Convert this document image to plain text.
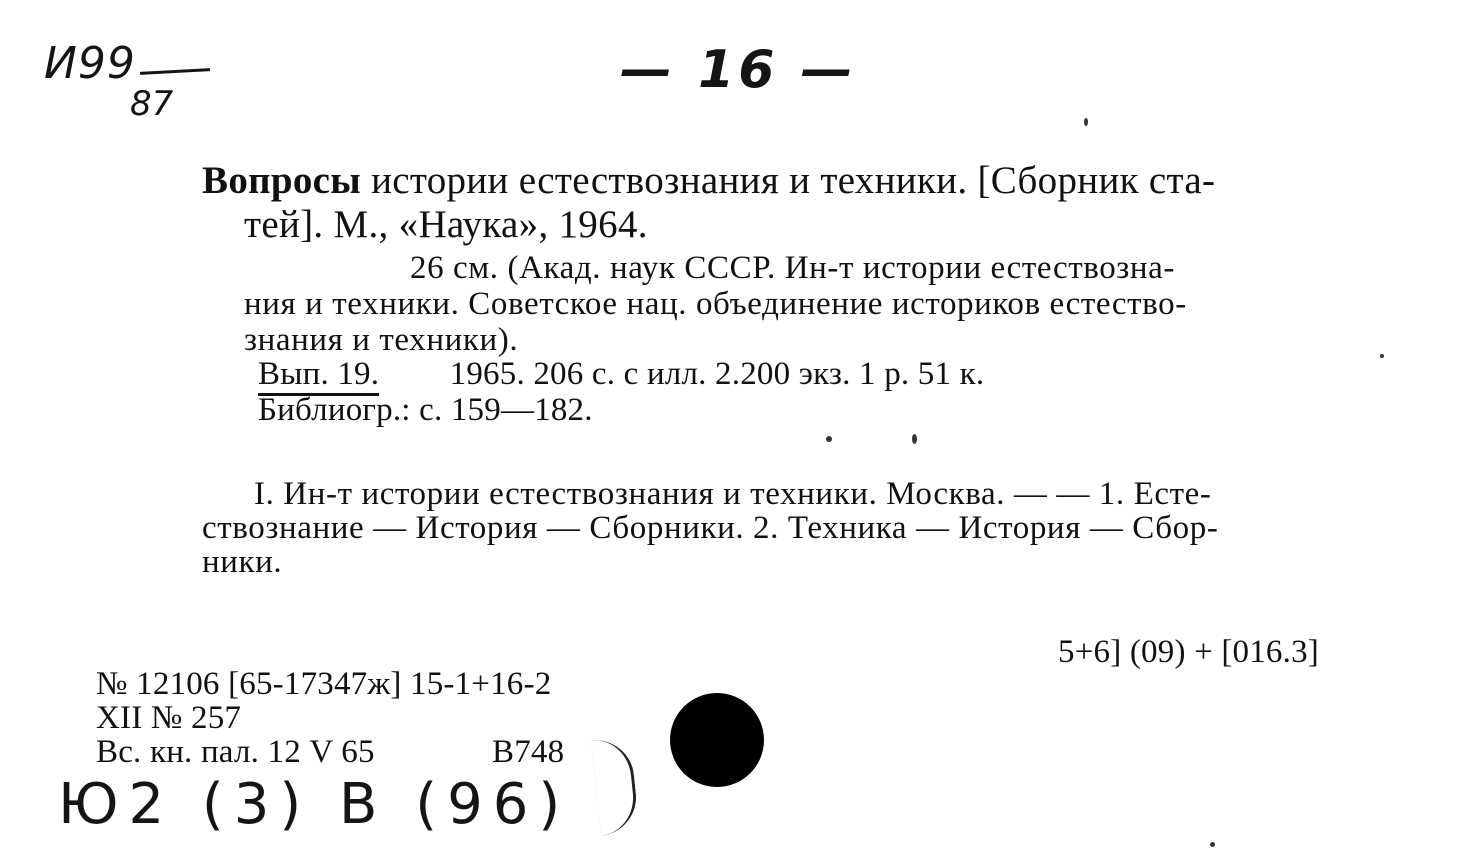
И99
87
— 16 —
Вопросы истории естествознания и техники. [Сборник ста-
тей]. М., «Наука», 1964.
26 см. (Акад. наук СССР. Ин-т истории естествозна-
ния и техники. Советское нац. объединение историков естество-
знания и техники).
Вып. 19. 1965. 206 с. с илл. 2.200 экз. 1 р. 51 к.
Библиогр.: с. 159—182.
I. Ин-т истории естествознания и техники. Москва. — — 1. Есте-
ствознание — История — Сборники. 2. Техника — История — Сбор-
ники.
5+6] (09) + [016.3]
№ 12106 [65-17347ж] 15-1+16-2
XII № 257
Вс. кн. пал. 12 V 65	В748
Ю2 (3) В (96)
